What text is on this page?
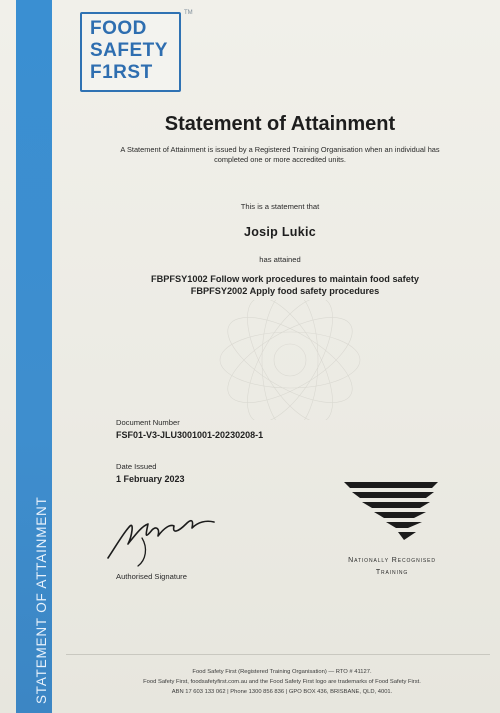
STATEMENT OF ATTAINMENT
FOOD
SAFETY
F1RST
TM
Statement of Attainment
A Statement of Attainment is issued by a Registered Training Organisation when an individual has
completed one or more accredited units.
This is a statement that
Josip Lukic
has attained
FBPFSY1002 Follow work procedures to maintain food safety
FBPFSY2002 Apply food safety procedures
Document Number
FSF01-V3-JLU3001001-20230208-1
Date Issued
1 February 2023
Authorised Signature
Nationally Recognised
Training
Food Safety First (Registered Training Organisation) — RTO # 41127.
Food Safety First, foodsafetyfirst.com.au and the Food Safety First logo are trademarks of Food Safety First.
ABN 17 603 133 062 | Phone 1300 856 836 | GPO BOX 436, BRISBANE, QLD, 4001.
